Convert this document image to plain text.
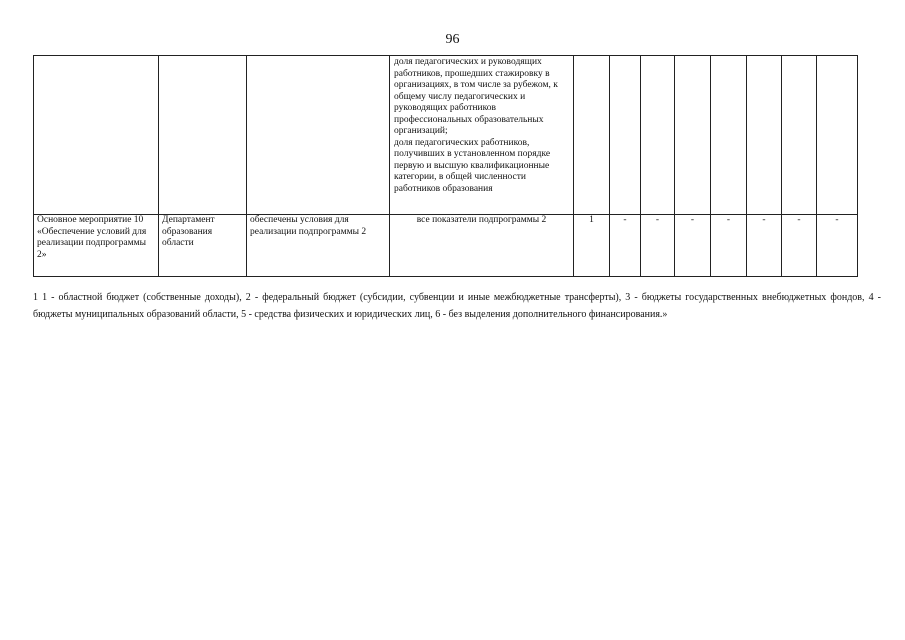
96
			доля педагогических и руководящих работников, прошедших стажировку в организациях, в том числе за рубежом, к общему числу педагогических и руководящих работников профессиональных образовательных организаций;
доля педагогических работников, получивших в установленном порядке первую и высшую квалификационные категории, в общей численности работников образования								
Основное мероприятие 10 «Обеспечение условий для реализации подпрограммы 2»	Департамент образования области	обеспечены условия для реализации подпрограммы 2	все показатели подпрограммы 2	1	-	-	-	-	-	-	-
1 1 - областной бюджет (собственные доходы), 2 - федеральный бюджет (субсидии, субвенции и иные межбюджетные трансферты), 3 - бюджеты государственных внебюджетных фондов, 4 - бюджеты муниципальных образований области, 5 - средства физических и юридических лиц, 6 - без выделения дополнительного финансирования.»
